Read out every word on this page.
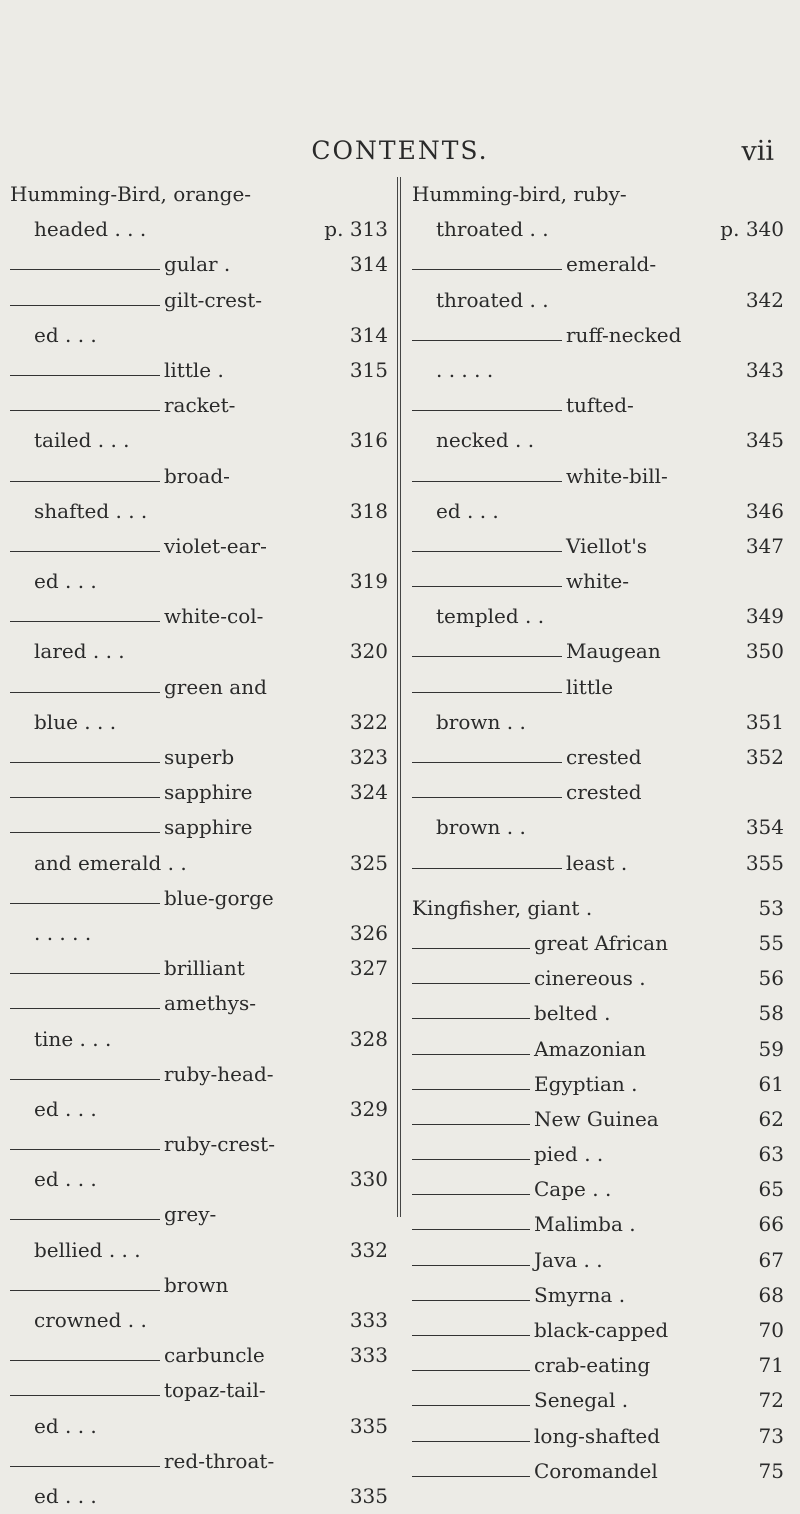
CONTENTS.	vii
Humming-Bird, orange-
headed . . .	p. 313
gular .	314
gilt-crest-
ed . . .	314
little .	315
racket-
tailed . . .	316
broad-
shafted . . .	318
violet-ear-
ed . . .	319
white-col-
lared . . .	320
green and
blue . . .	322
superb	323
sapphire	324
sapphire
and emerald . .	325
blue-gorge
. . . . .	326
brilliant	327
amethys-
tine . . .	328
ruby-head-
ed . . .	329
ruby-crest-
ed . . .	330
grey-
bellied . . .	332
brown
crowned . .	333
carbuncle	333
topaz-tail-
ed . . .	335
red-throat-
ed . . .	335
Humming-bird, ruby-
throated . .	p. 340
emerald-
throated . .	342
ruff-necked
. . . . .	343
tufted-
necked . .	345
white-bill-
ed . . .	346
Viellot's	347
white-
templed . .	349
Maugean	350
little
brown . .	351
crested	352
crested
brown . .	354
least .	355
Kingfisher, giant .	53
great African	55
cinereous .	56
belted .	58
Amazonian	59
Egyptian .	61
New Guinea	62
pied . .	63
Cape . .	65
Malimba .	66
Java . .	67
Smyrna .	68
black-capped	70
crab-eating	71
Senegal .	72
long-shafted	73
Coromandel	75
